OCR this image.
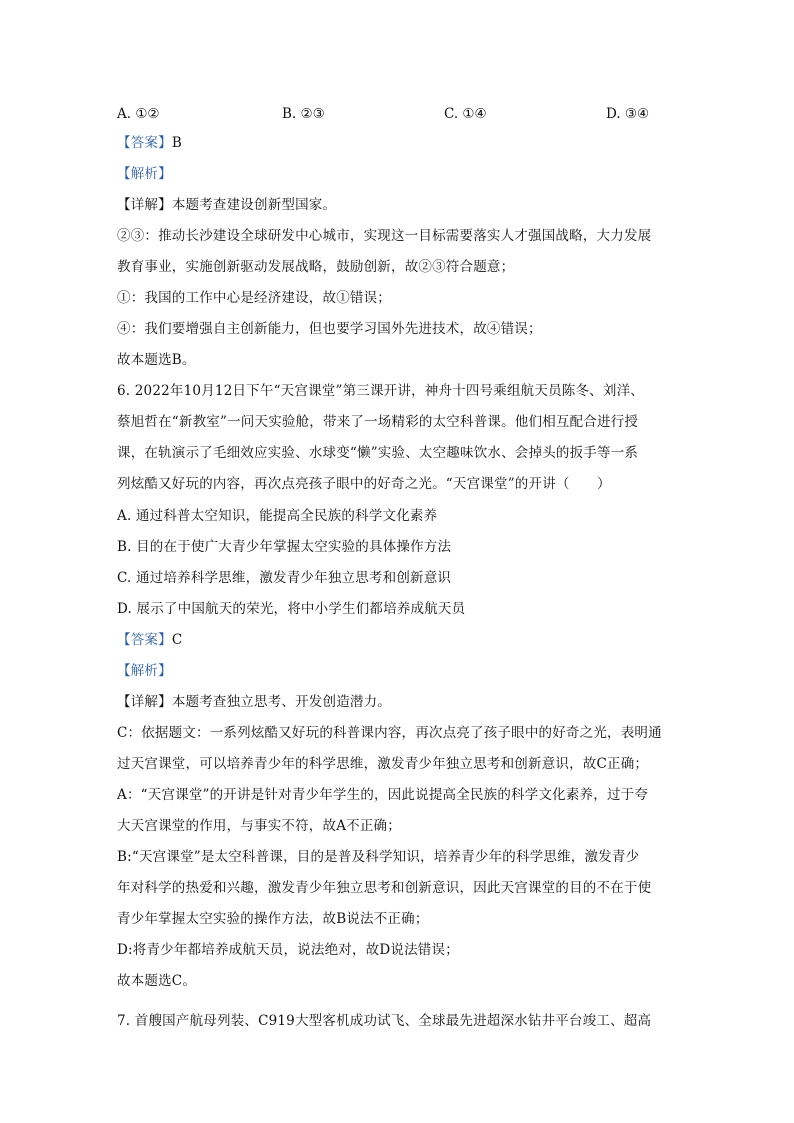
A. ①②	B. ②③	C. ①④	D. ③④
【答案】B
【解析】
【详解】本题考查建设创新型国家。
②③：推动长沙建设全球研发中心城市，实现这一目标需要落实人才强国战略，大力发展
教育事业，实施创新驱动发展战略，鼓励创新，故②③符合题意；
①：我国的工作中心是经济建设，故①错误；
④：我们要增强自主创新能力，但也要学习国外先进技术，故④错误；
故本题选B。
6. 2022年10月12日下午“天宫课堂”第三课开讲，神舟十四号乘组航天员陈冬、刘洋、
蔡旭哲在“新教室”一问天实验舱，带来了一场精彩的太空科普课。他们相互配合进行授
课，在轨演示了毛细效应实验、水球变“懒”实验、太空趣味饮水、会掉头的扳手等一系
列炫酷又好玩的内容，再次点亮孩子眼中的好奇之光。“天宫课堂”的开讲（　　）
A. 通过科普太空知识，能提高全民族的科学文化素养
B. 目的在于使广大青少年掌握太空实验的具体操作方法
C. 通过培养科学思维，激发青少年独立思考和创新意识
D. 展示了中国航天的荣光，将中小学生们都培养成航天员
【答案】C
【解析】
【详解】本题考查独立思考、开发创造潜力。
C：依据题文：一系列炫酷又好玩的科普课内容，再次点亮了孩子眼中的好奇之光，表明通
过天宫课堂，可以培养青少年的科学思维，激发青少年独立思考和创新意识，故C正确；
A：“天宫课堂”的开讲是针对青少年学生的，因此说提高全民族的科学文化素养，过于夸
大天宫课堂的作用，与事实不符，故A不正确；
B:“天宫课堂”是太空科普课，目的是普及科学知识，培养青少年的科学思维，激发青少
年对科学的热爱和兴趣，激发青少年独立思考和创新意识，因此天宫课堂的目的不在于使
青少年掌握太空实验的操作方法，故B说法不正确；
D:将青少年都培养成航天员，说法绝对，故D说法错误；
故本题选C。
7. 首艘国产航母列装、C919大型客机成功试飞、全球最先进超深水钻井平台竣工、超高
